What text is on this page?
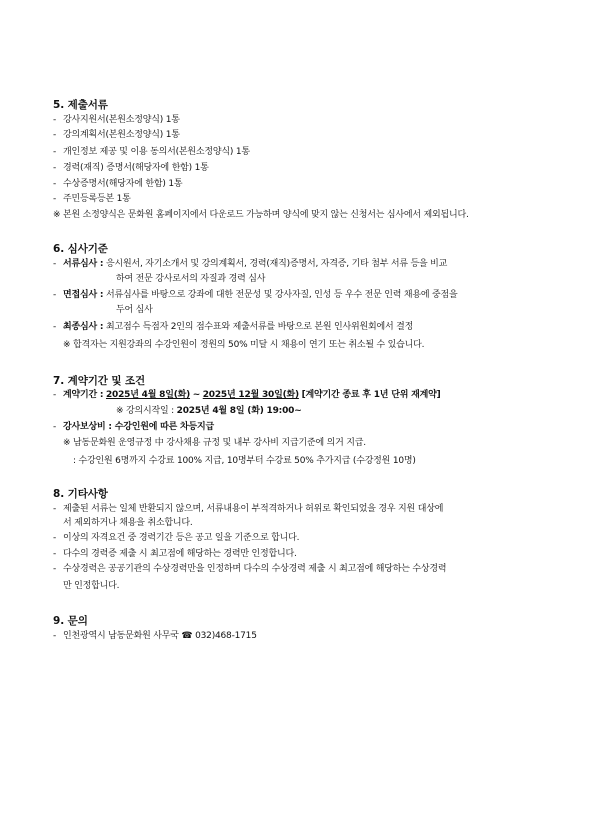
5. 제출서류
- 강사지원서(본원소정양식) 1통
- 강의계획서(본원소정양식) 1통
- 개인정보 제공 및 이용 동의서(본원소정양식) 1통
- 경력(재직) 증명서(해당자에 한함) 1통
- 수상증명서(해당자에 한함) 1통
- 주민등록등본 1통
※ 본원 소정양식은 문화원 홈페이지에서 다운로드 가능하며 양식에 맞지 않는 신청서는 심사에서 제외됩니다.
6. 심사기준
- 서류심사 : 응시원서, 자기소개서 및 강의계획서, 경력(재직)증명서, 자격증, 기타 첨부 서류 등을 비교
하여 전문 강사로서의 자질과 경력 심사
- 면접심사 : 서류심사를 바탕으로 강좌에 대한 전문성 및 강사자질, 인성 등 우수 전문 인력 채용에 중점을
두어 심사
- 최종심사 : 최고점수 득점자 2인의 점수표와 제출서류를 바탕으로 본원 인사위원회에서 결정
※ 합격자는 지원강좌의 수강인원이 정원의 50% 미달 시 채용이 연기 또는 취소될 수 있습니다.
7. 계약기간 및 조건
- 계약기간 : 2025년 4월 8일(화) ~ 2025년 12월 30일(화) [계약기간 종료 후 1년 단위 재계약]
※ 강의시작일 : 2025년 4월 8일 (화) 19:00~
- 강사보상비 : 수강인원에 따른 차등지급
※ 남동문화원 운영규정 中 강사채용 규정 및 내부 강사비 지급기준에 의거 지급.
: 수강인원 6명까지 수강료 100% 지급, 10명부터 수강료 50% 추가지급 (수강정원 10명)
8. 기타사항
- 제출된 서류는 일체 반환되지 않으며, 서류내용이 부적격하거나 허위로 확인되었을 경우 지원 대상에
서 제외하거나 채용을 취소합니다.
- 이상의 자격요건 중 경력기간 등은 공고 일을 기준으로 합니다.
- 다수의 경력증 제출 시 최고점에 해당하는 경력만 인정합니다.
- 수상경력은 공공기관의 수상경력만을 인정하며 다수의 수상경력 제출 시 최고점에 해당하는 수상경력
만 인정합니다.
9. 문의
- 인천광역시 남동문화원 사무국 ☎ 032)468-1715
